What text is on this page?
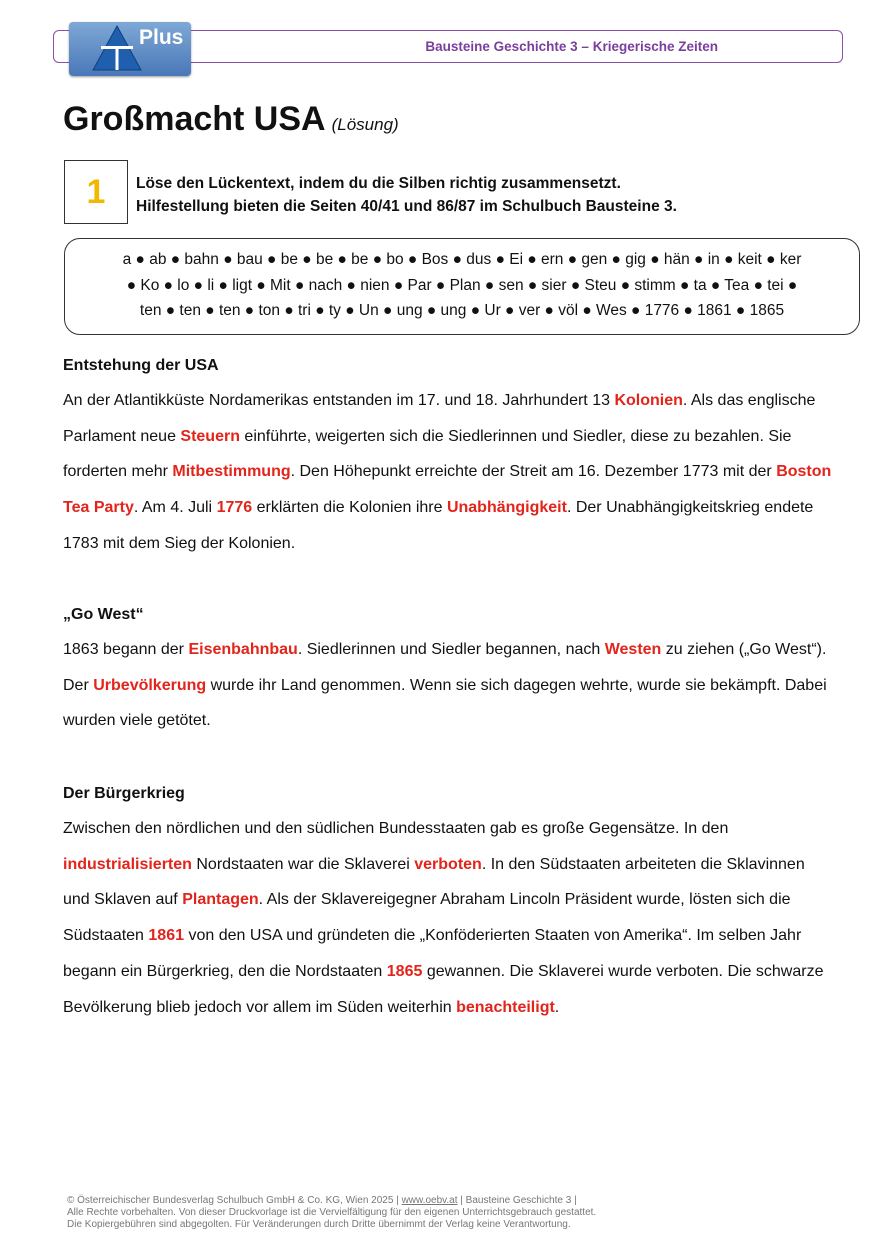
Bausteine Geschichte 3 – Kriegerische Zeiten
Plus
Großmacht USA (Lösung)
1 Löse den Lückentext, indem du die Silben richtig zusammensetzt.
Hilfestellung bieten die Seiten 40/41 und 86/87 im Schulbuch Bausteine 3.
a ● ab ● bahn ● bau ● be ● be ● be ● bo ● Bos ● dus ● Ei ● ern ● gen ● gig ● hän ● in ● keit ● ker
● Ko ● lo ● li ● ligt ● Mit ● nach ● nien ● Par ● Plan ● sen ● sier ● Steu ● stimm ● ta ● Tea ● tei ●
ten ● ten ● ten ● ton ● tri ● ty ● Un ● ung ● ung ● Ur ● ver ● völ ● Wes ● 1776 ● 1861 ● 1865
Entstehung der USA

An der Atlantikküste Nordamerikas entstanden im 17. und 18. Jahrhundert 13 Kolonien. Als das englische Parlament neue Steuern einführte, weigerten sich die Siedlerinnen und Siedler, diese zu bezahlen. Sie forderten mehr Mitbestimmung. Den Höhepunkt erreichte der Streit am 16. Dezember 1773 mit der Boston Tea Party. Am 4. Juli 1776 erklärten die Kolonien ihre Unabhängigkeit. Der Unabhängigkeitskrieg endete 1783 mit dem Sieg der Kolonien.

„Go West“

1863 begann der Eisenbahnbau. Siedlerinnen und Siedler begannen, nach Westen zu ziehen („Go West“). Der Urbevölkerung wurde ihr Land genommen. Wenn sie sich dagegen wehrte, wurde sie bekämpft. Dabei wurden viele getötet.

Der Bürgerkrieg

Zwischen den nördlichen und den südlichen Bundesstaaten gab es große Gegensätze. In den industrialisierten Nordstaaten war die Sklaverei verboten. In den Südstaaten arbeiteten die Sklavinnen und Sklaven auf Plantagen. Als der Sklavereigegner Abraham Lincoln Präsident wurde, lösten sich die Südstaaten 1861 von den USA und gründeten die „Konföderierten Staaten von Amerika“. Im selben Jahr begann ein Bürgerkrieg, den die Nordstaaten 1865 gewannen. Die Sklaverei wurde verboten. Die schwarze Bevölkerung blieb jedoch vor allem im Süden weiterhin benachteiligt.

© Österreichischer Bundesverlag Schulbuch GmbH & Co. KG, Wien 2025 | www.oebv.at | Bausteine Geschichte 3 |
Alle Rechte vorbehalten. Von dieser Druckvorlage ist die Vervielfältigung für den eigenen Unterrichtsgebrauch gestattet.
Die Kopiergebühren sind abgegolten. Für Veränderungen durch Dritte übernimmt der Verlag keine Verantwortung.
